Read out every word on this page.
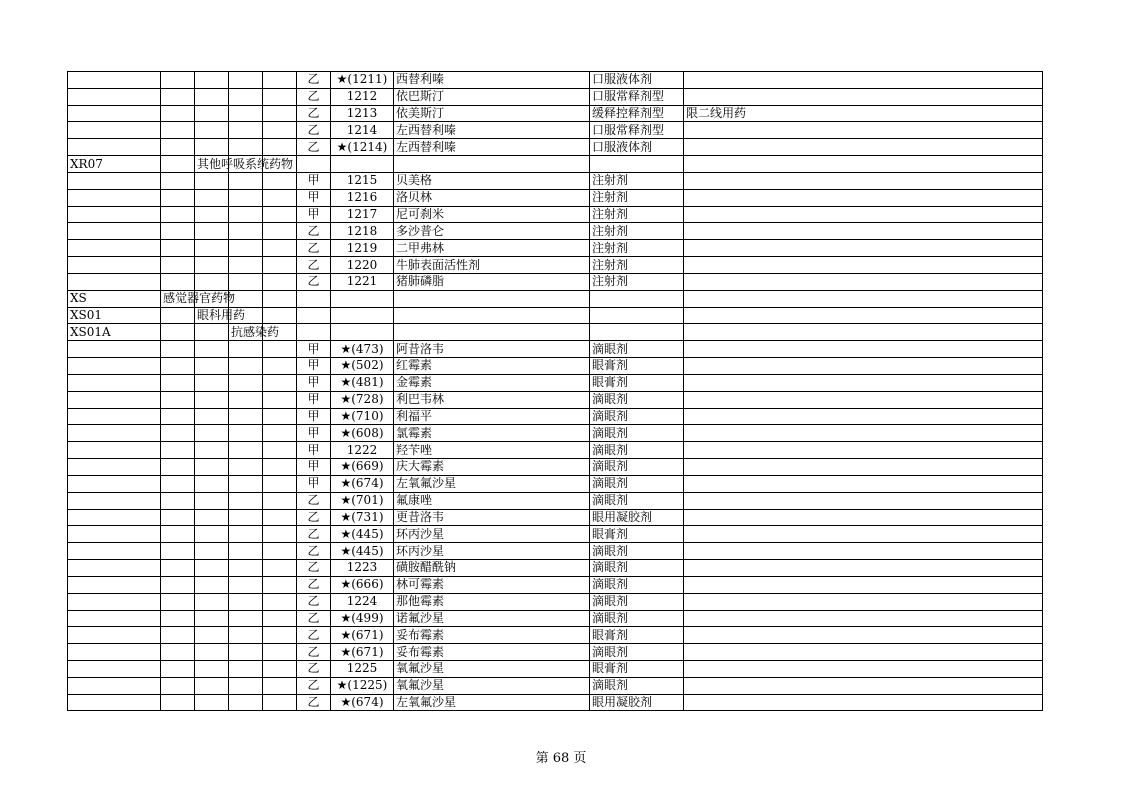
					乙	★(1211)	西替利嗪	口服液体剂	
					乙	1212	依巴斯汀	口服常释剂型	
					乙	1213	依美斯汀	缓释控释剂型	限二线用药
					乙	1214	左西替利嗪	口服常释剂型	
					乙	★(1214)	左西替利嗪	口服液体剂	
XR07		其他呼吸系统药物							
					甲	1215	贝美格	注射剂	
					甲	1216	洛贝林	注射剂	
					甲	1217	尼可刹米	注射剂	
					乙	1218	多沙普仑	注射剂	
					乙	1219	二甲弗林	注射剂	
					乙	1220	牛肺表面活性剂	注射剂	
					乙	1221	猪肺磷脂	注射剂	
XS	感觉器官药物								
XS01		眼科用药							
XS01A			抗感染药						
					甲	★(473)	阿昔洛韦	滴眼剂	
					甲	★(502)	红霉素	眼膏剂	
					甲	★(481)	金霉素	眼膏剂	
					甲	★(728)	利巴韦林	滴眼剂	
					甲	★(710)	利福平	滴眼剂	
					甲	★(608)	氯霉素	滴眼剂	
					甲	1222	羟苄唑	滴眼剂	
					甲	★(669)	庆大霉素	滴眼剂	
					甲	★(674)	左氧氟沙星	滴眼剂	
					乙	★(701)	氟康唑	滴眼剂	
					乙	★(731)	更昔洛韦	眼用凝胶剂	
					乙	★(445)	环丙沙星	眼膏剂	
					乙	★(445)	环丙沙星	滴眼剂	
					乙	1223	磺胺醋酰钠	滴眼剂	
					乙	★(666)	林可霉素	滴眼剂	
					乙	1224	那他霉素	滴眼剂	
					乙	★(499)	诺氟沙星	滴眼剂	
					乙	★(671)	妥布霉素	眼膏剂	
					乙	★(671)	妥布霉素	滴眼剂	
					乙	1225	氧氟沙星	眼膏剂	
					乙	★(1225)	氧氟沙星	滴眼剂	
					乙	★(674)	左氧氟沙星	眼用凝胶剂	
第 68 页
